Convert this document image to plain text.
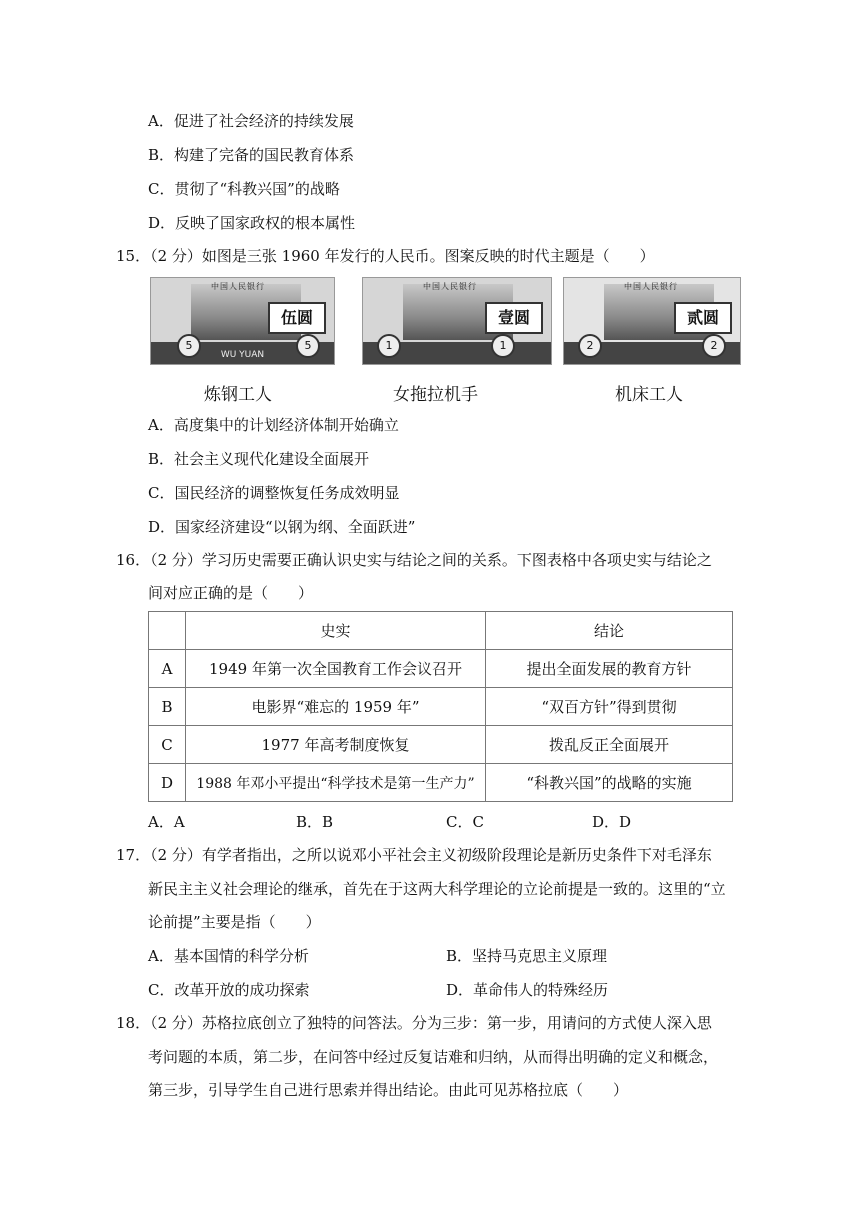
A．促进了社会经济的持续发展
B．构建了完备的国民教育体系
C．贯彻了“科教兴国”的战略
D．反映了国家政权的根本属性
15．（2 分）如图是三张 1960 年发行的人民币。图案反映的时代主题是（　　）
中国人民银行
伍圆
5	5
WU YUAN
中国人民银行
壹圆
1	1
中国人民银行
贰圆
2	2
炼钢工人	女拖拉机手	机床工人
A．高度集中的计划经济体制开始确立
B．社会主义现代化建设全面展开
C．国民经济的调整恢复任务成效明显
D．国家经济建设“以钢为纲、全面跃进”
16．（2 分）学习历史需要正确认识史实与结论之间的关系。下图表格中各项史实与结论之
间对应正确的是（　　）
	史实	结论
A	1949 年第一次全国教育工作会议召开	提出全面发展的教育方针
B	电影界“难忘的 1959 年”	“双百方针”得到贯彻
C	1977 年高考制度恢复	拨乱反正全面展开
D	1988 年邓小平提出“科学技术是第一生产力”	“科教兴国”的战略的实施
A．A	B．B	C．C	D．D
17．（2 分）有学者指出，之所以说邓小平社会主义初级阶段理论是新历史条件下对毛泽东
新民主主义社会理论的继承，首先在于这两大科学理论的立论前提是一致的。这里的“立
论前提”主要是指（　　）
A．基本国情的科学分析	B．坚持马克思主义原理
C．改革开放的成功探索	D．革命伟人的特殊经历
18．（2 分）苏格拉底创立了独特的问答法。分为三步：第一步，用请问的方式使人深入思
考问题的本质，第二步，在问答中经过反复诘难和归纳，从而得出明确的定义和概念，
第三步，引导学生自己进行思索并得出结论。由此可见苏格拉底（　　）
